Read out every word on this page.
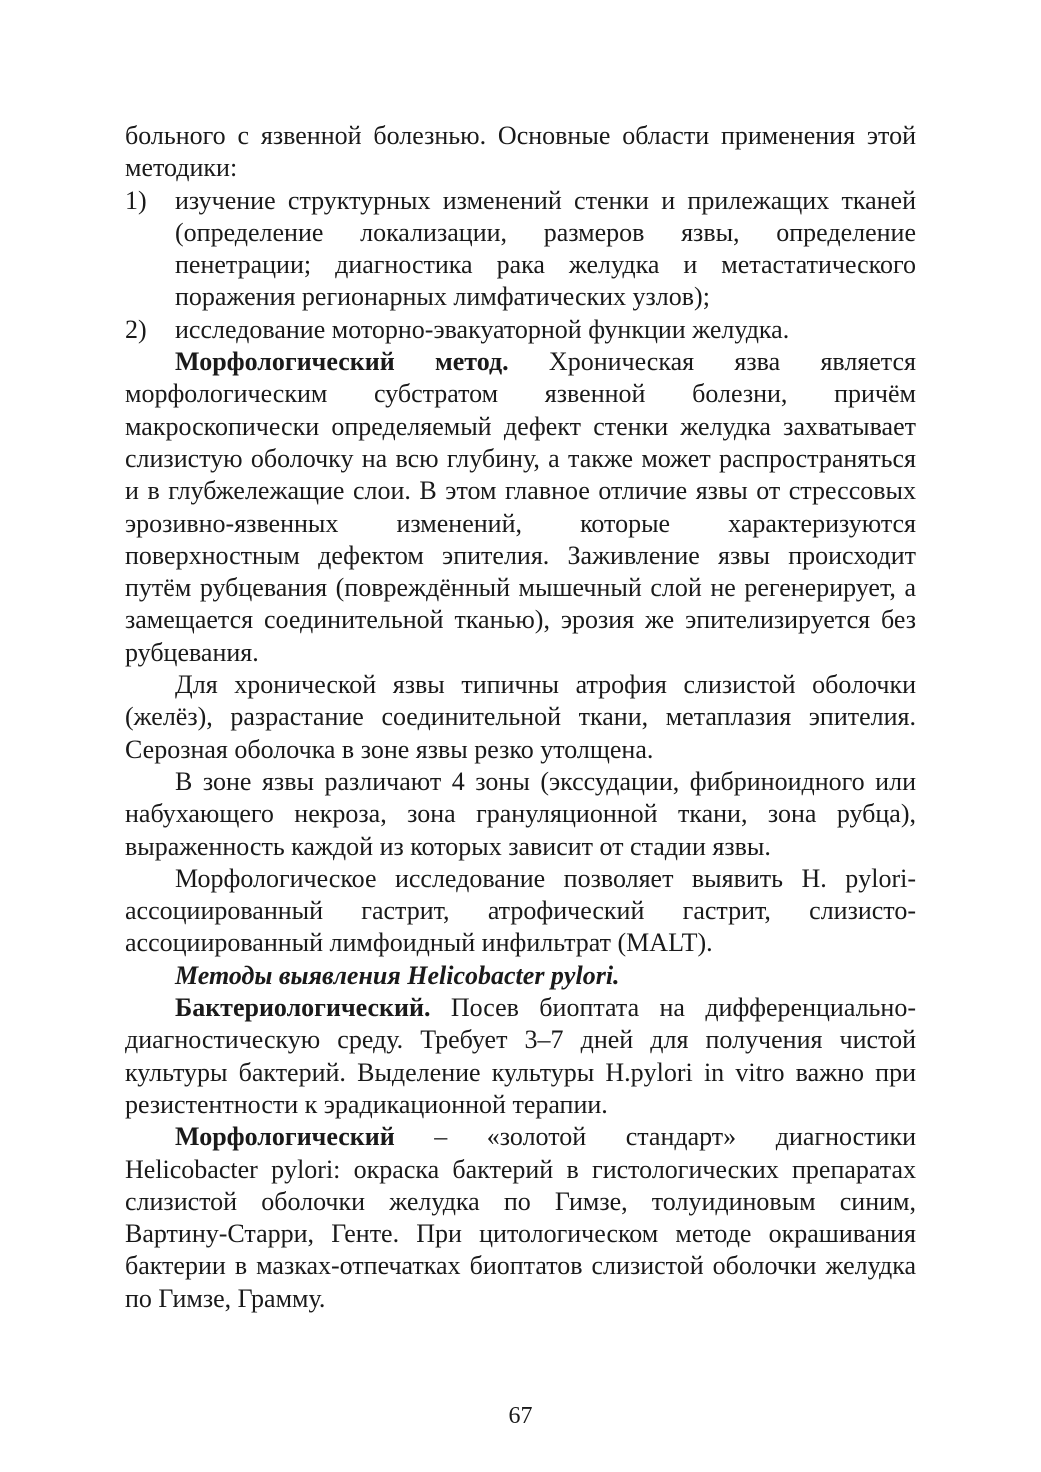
больного с язвенной болезнью. Основные области применения этой методики:

1) изучение структурных изменений стенки и прилежащих тканей (определение локализации, размеров язвы, определение пенетрации; диагностика рака желудка и метастатического поражения регионарных лимфатических узлов);
2) исследование моторно-эвакуаторной функции желудка.

Морфологический метод. Хроническая язва является морфологическим субстратом язвенной болезни, причём макроскопически определяемый дефект стенки желудка захватывает слизистую оболочку на всю глубину, а также может распространяться и в глубжележащие слои. В этом главное отличие язвы от стрессовых эрозивно-язвенных изменений, которые характеризуются поверхностным дефектом эпителия. Заживление язвы происходит путём рубцевания (повреждённый мышечный слой не регенерирует, а замещается соединительной тканью), эрозия же эпителизируется без рубцевания.

Для хронической язвы типичны атрофия слизистой оболочки (желёз), разрастание соединительной ткани, метаплазия эпителия. Серозная оболочка в зоне язвы резко утолщена.

В зоне язвы различают 4 зоны (экссудации, фибриноидного или набухающего некроза, зона грануляционной ткани, зона рубца), выраженность каждой из которых зависит от стадии язвы.

Морфологическое исследование позволяет выявить H. pylori-ассоциированный гастрит, атрофический гастрит, слизисто-ассоциированный лимфоидный инфильтрат (MALT).

Методы выявления Helicobacter pylori.

Бактериологический. Посев биоптата на дифференциально-диагностическую среду. Требует 3–7 дней для получения чистой культуры бактерий. Выделение культуры H.pylori in vitro важно при резистентности к эрадикационной терапии.

Морфологический – «золотой стандарт» диагностики Helicobacter pylori: окраска бактерий в гистологических препаратах слизистой оболочки желудка по Гимзе, толуидиновым синим, Вартину-Старри, Генте. При цитологическом методе окрашивания бактерии в мазках-отпечатках биоптатов слизистой оболочки желудка по Гимзе, Грамму.

67
